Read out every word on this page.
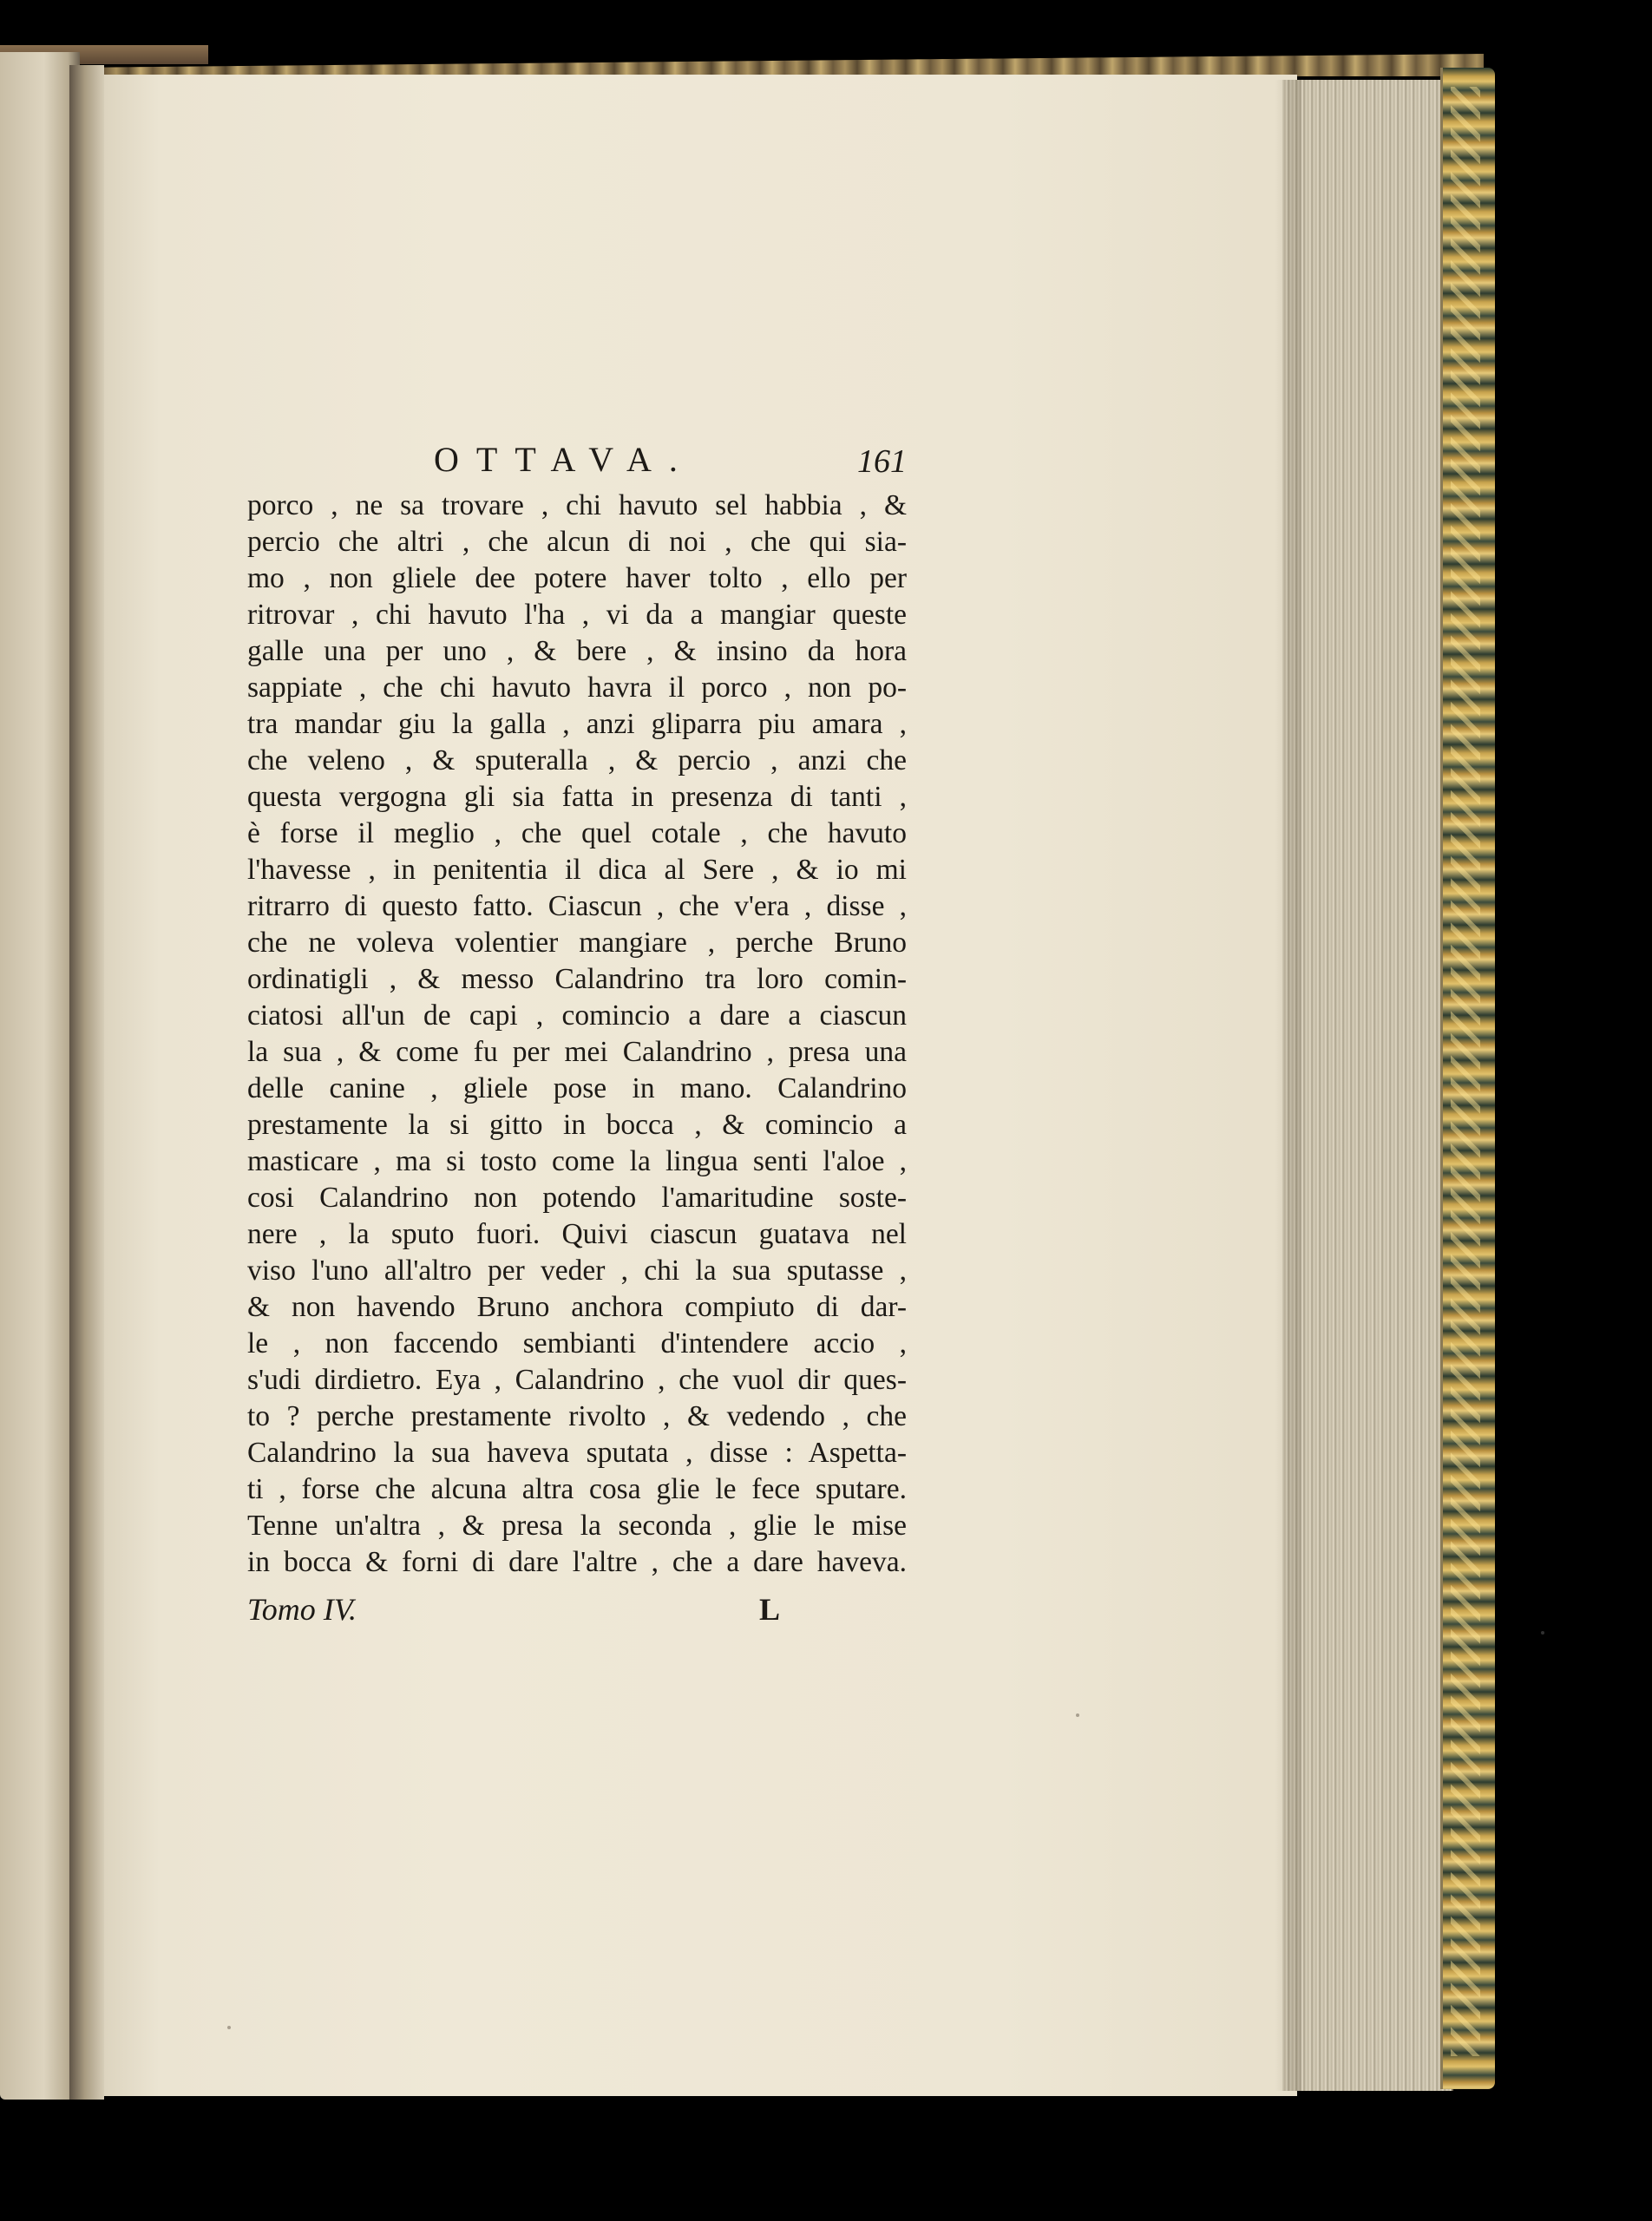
OTTAVA.	161
porco , ne sa trovare , chi havuto sel habbia , &
percio che altri , che alcun di noi , che qui sia-
mo , non gliele dee potere haver tolto , ello per
ritrovar , chi havuto l'ha , vi da a mangiar queste
galle una per uno , & bere , & insino da hora
sappiate , che chi havuto havra il porco , non po-
tra mandar giu la galla , anzi gliparra piu amara ,
che veleno , & sputeralla , & percio , anzi che
questa vergogna gli sia fatta in presenza di tanti ,
è forse il meglio , che quel cotale , che havuto
l'havesse , in penitentia il dica al Sere , & io mi
ritrarro di questo fatto. Ciascun , che v'era , disse ,
che ne voleva volentier mangiare , perche Bruno
ordinatigli , & messo Calandrino tra loro comin-
ciatosi all'un de capi , comincio a dare a ciascun
la sua , & come fu per mei Calandrino , presa una
delle canine , gliele pose in mano. Calandrino
prestamente la si gitto in bocca , & comincio a
masticare , ma si tosto come la lingua senti l'aloe ,
cosi Calandrino non potendo l'amaritudine soste-
nere , la sputo fuori. Quivi ciascun guatava nel
viso l'uno all'altro per veder , chi la sua sputasse ,
& non havendo Bruno anchora compiuto di dar-
le , non faccendo sembianti d'intendere accio ,
s'udi dirdietro. Eya , Calandrino , che vuol dir ques-
to ? perche prestamente rivolto , & vedendo , che
Calandrino la sua haveva sputata , disse : Aspetta-
ti , forse che alcuna altra cosa glie le fece sputare.
Tenne un'altra , & presa la seconda , glie le mise
in bocca & forni di dare l'altre , che a dare haveva.
Tomo IV.	L
